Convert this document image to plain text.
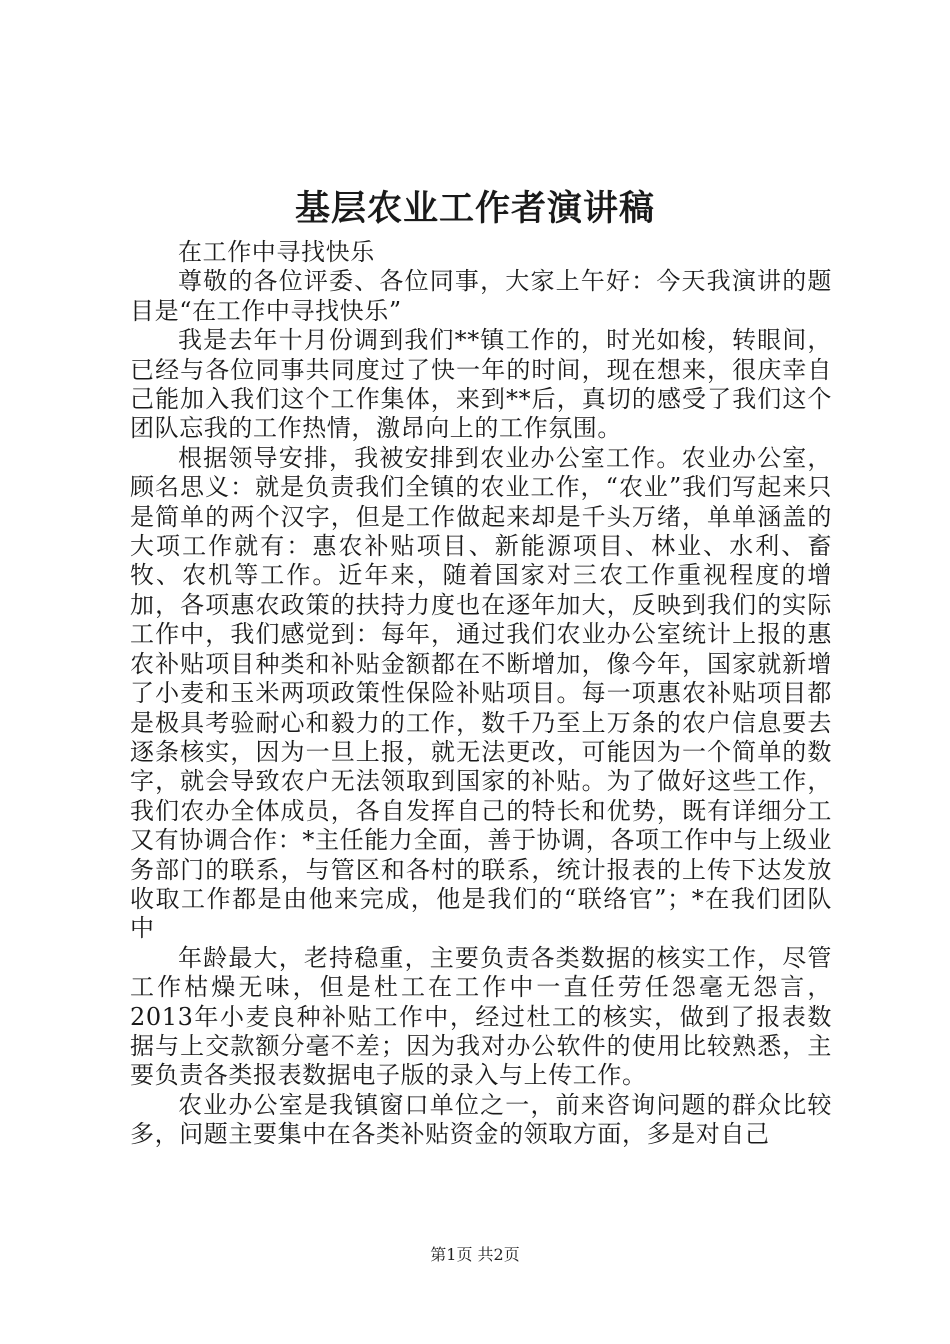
基层农业工作者演讲稿

在工作中寻找快乐

尊敬的各位评委、各位同事，大家上午好：今天我演讲的题目是“在工作中寻找快乐”

我是去年十月份调到我们**镇工作的，时光如梭，转眼间，已经与各位同事共同度过了快一年的时间，现在想来，很庆幸自己能加入我们这个工作集体，来到**后，真切的感受了我们这个团队忘我的工作热情，激昂向上的工作氛围。

根据领导安排，我被安排到农业办公室工作。农业办公室，顾名思义：就是负责我们全镇的农业工作，“农业”我们写起来只是简单的两个汉字，但是工作做起来却是千头万绪，单单涵盖的大项工作就有：惠农补贴项目、新能源项目、林业、水利、畜牧、农机等工作。近年来，随着国家对三农工作重视程度的增加，各项惠农政策的扶持力度也在逐年加大，反映到我们的实际工作中，我们感觉到：每年，通过我们农业办公室统计上报的惠农补贴项目种类和补贴金额都在不断增加，像今年，国家就新增了小麦和玉米两项政策性保险补贴项目。每一项惠农补贴项目都是极具考验耐心和毅力的工作，数千乃至上万条的农户信息要去逐条核实，因为一旦上报，就无法更改，可能因为一个简单的数字，就会导致农户无法领取到国家的补贴。为了做好这些工作，我们农办全体成员，各自发挥自己的特长和优势，既有详细分工又有协调合作：*主任能力全面，善于协调，各项工作中与上级业务部门的联系，与管区和各村的联系，统计报表的上传下达发放收取工作都是由他来完成，他是我们的“联络官”；*在我们团队中

年龄最大，老持稳重，主要负责各类数据的核实工作，尽管工作枯燥无味，但是杜工在工作中一直任劳任怨毫无怨言，2013年小麦良种补贴工作中，经过杜工的核实，做到了报表数据与上交款额分毫不差；因为我对办公软件的使用比较熟悉，主要负责各类报表数据电子版的录入与上传工作。

农业办公室是我镇窗口单位之一，前来咨询问题的群众比较多，问题主要集中在各类补贴资金的领取方面，多是对自己

第1页 共2页
